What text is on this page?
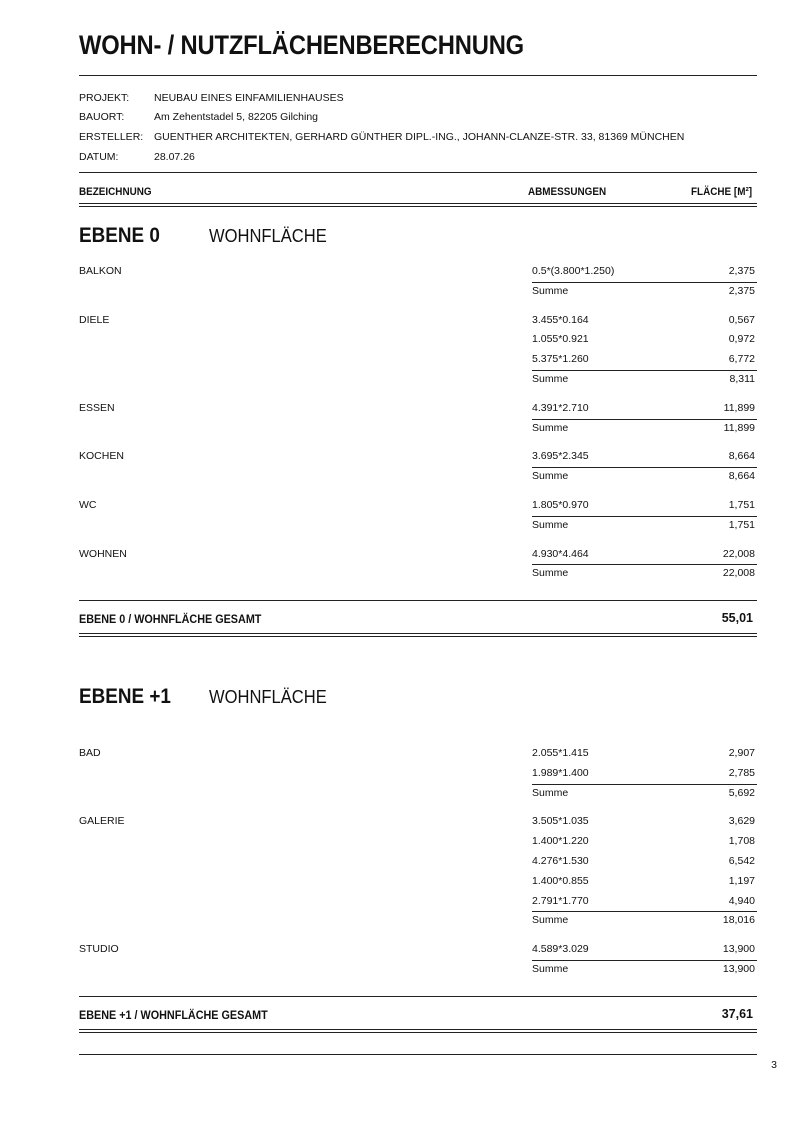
WOHN- / NUTZFLÄCHENBERECHNUNG
PROJEKT: NEUBAU EINES EINFAMILIENHAUSES
BAUORT:	Am Zehentstadel 5, 82205 Gilching
ERSTELLER: GUENTHER ARCHITEKTEN, GERHARD GÜNTHER DIPL.-ING., JOHANN-CLANZE-STR. 33, 81369 MÜNCHEN
DATUM:	28.07.26
BEZEICHNUNG	ABMESSUNGEN	FLÄCHE [M²]
EBENE 0	WOHNFLÄCHE
BALKON	0.5*(3.800*1.250)	2,375
Summe	2,375
DIELE	3.455*0.164	0,567
1.055*0.921	0,972
5.375*1.260	6,772
Summe	8,311
ESSEN	4.391*2.710	11,899
Summe	11,899
KOCHEN	3.695*2.345	8,664
Summe	8,664
WC	1.805*0.970	1,751
Summe	1,751
WOHNEN	4.930*4.464	22,008
Summe	22,008
EBENE 0 / WOHNFLÄCHE GESAMT	55,01
EBENE +1 WOHNFLÄCHE
BAD	2.055*1.415	2,907
1.989*1.400	2,785
Summe	5,692
GALERIE	3.505*1.035	3,629
1.400*1.220	1,708
4.276*1.530	6,542
1.400*0.855	1,197
2.791*1.770	4,940
Summe	18,016
STUDIO	4.589*3.029	13,900
Summe	13,900
EBENE +1 / WOHNFLÄCHE GESAMT	37,61
3
